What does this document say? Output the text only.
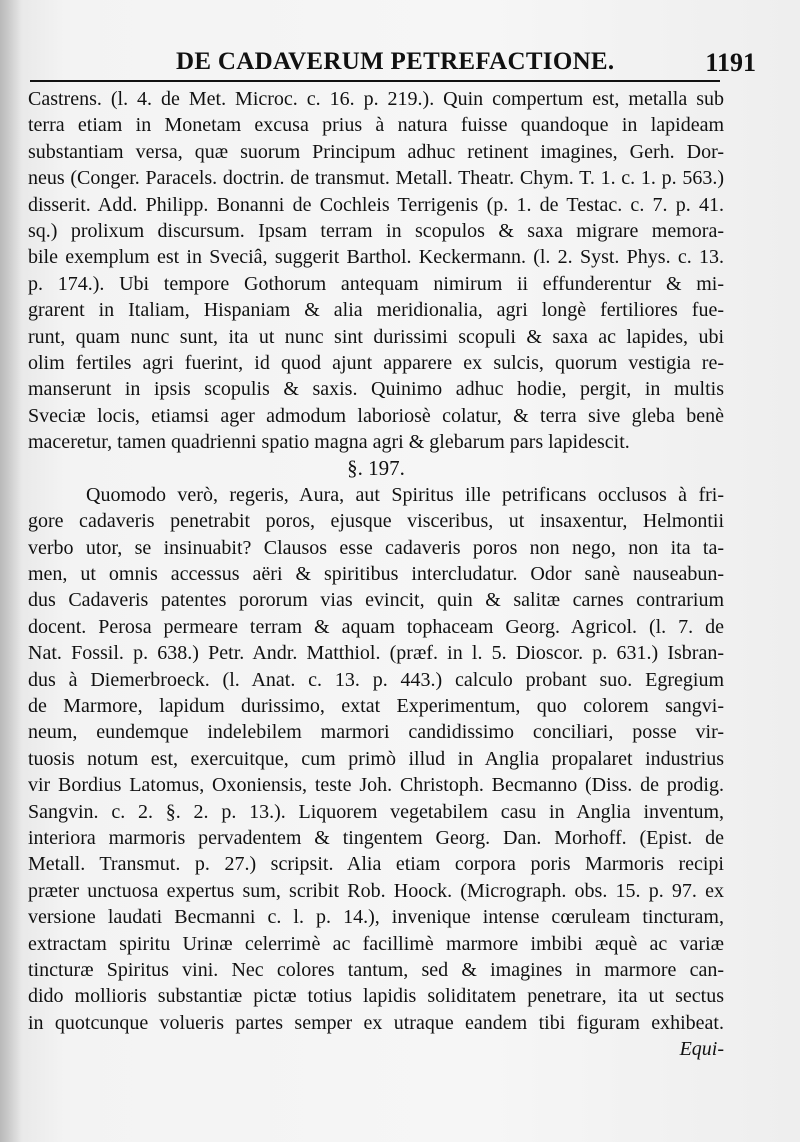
DE CADAVERUM PETREFACTIONE.	1191
Castrens. (l. 4. de Met. Microc. c. 16. p. 219.). Quin compertum est, metalla sub
terra etiam in Monetam excusa prius à natura fuisse quandoque in lapideam
substantiam versa, quæ suorum Principum adhuc retinent imagines, Gerh. Dor-
neus (Conger. Paracels. doctrin. de transmut. Metall. Theatr. Chym. T. 1. c. 1. p. 563.)
disserit. Add. Philipp. Bonanni de Cochleis Terrigenis (p. 1. de Testac. c. 7. p. 41.
sq.) prolixum discursum. Ipsam terram in scopulos & saxa migrare memora-
bile exemplum est in Sveciâ, suggerit Barthol. Keckermann. (l. 2. Syst. Phys. c. 13.
p. 174.). Ubi tempore Gothorum antequam nimirum ii effunderentur & mi-
grarent in Italiam, Hispaniam & alia meridionalia, agri longè fertiliores fue-
runt, quam nunc sunt, ita ut nunc sint durissimi scopuli & saxa ac lapides, ubi
olim fertiles agri fuerint, id quod ajunt apparere ex sulcis, quorum vestigia re-
manserunt in ipsis scopulis & saxis. Quinimo adhuc hodie, pergit, in multis
Sveciæ locis, etiamsi ager admodum laboriosè colatur, & terra sive gleba benè
maceretur, tamen quadrienni spatio magna agri & glebarum pars lapidescit.
§. 197.
Quomodo verò, regeris, Aura, aut Spiritus ille petrificans occlusos à fri-
gore cadaveris penetrabit poros, ejusque visceribus, ut insaxentur, Helmontii
verbo utor, se insinuabit? Clausos esse cadaveris poros non nego, non ita ta-
men, ut omnis accessus aëri & spiritibus intercludatur. Odor sanè nauseabun-
dus Cadaveris patentes pororum vias evincit, quin & salitæ carnes contrarium
docent. Perosa permeare terram & aquam tophaceam Georg. Agricol. (l. 7. de
Nat. Fossil. p. 638.) Petr. Andr. Matthiol. (præf. in l. 5. Dioscor. p. 631.) Isbran-
dus à Diemerbroeck. (l. Anat. c. 13. p. 443.) calculo probant suo. Egregium
de Marmore, lapidum durissimo, extat Experimentum, quo colorem sangvi-
neum, eundemque indelebilem marmori candidissimo conciliari, posse vir-
tuosis notum est, exercuitque, cum primò illud in Anglia propalaret industrius
vir Bordius Latomus, Oxoniensis, teste Joh. Christoph. Becmanno (Diss. de prodig.
Sangvin. c. 2. §. 2. p. 13.). Liquorem vegetabilem casu in Anglia inventum,
interiora marmoris pervadentem & tingentem Georg. Dan. Morhoff. (Epist. de
Metall. Transmut. p. 27.) scripsit. Alia etiam corpora poris Marmoris recipi
præter unctuosa expertus sum, scribit Rob. Hoock. (Micrograph. obs. 15. p. 97. ex
versione laudati Becmanni c. l. p. 14.), invenique intense cœruleam tincturam,
extractam spiritu Urinæ celerrimè ac facillimè marmore imbibi æquè ac variæ
tincturæ Spiritus vini. Nec colores tantum, sed & imagines in marmore can-
dido mollioris substantiæ pictæ totius lapidis soliditatem penetrare, ita ut sectus
in quotcunque volueris partes semper ex utraque eandem tibi figuram exhibeat.
Equi-
